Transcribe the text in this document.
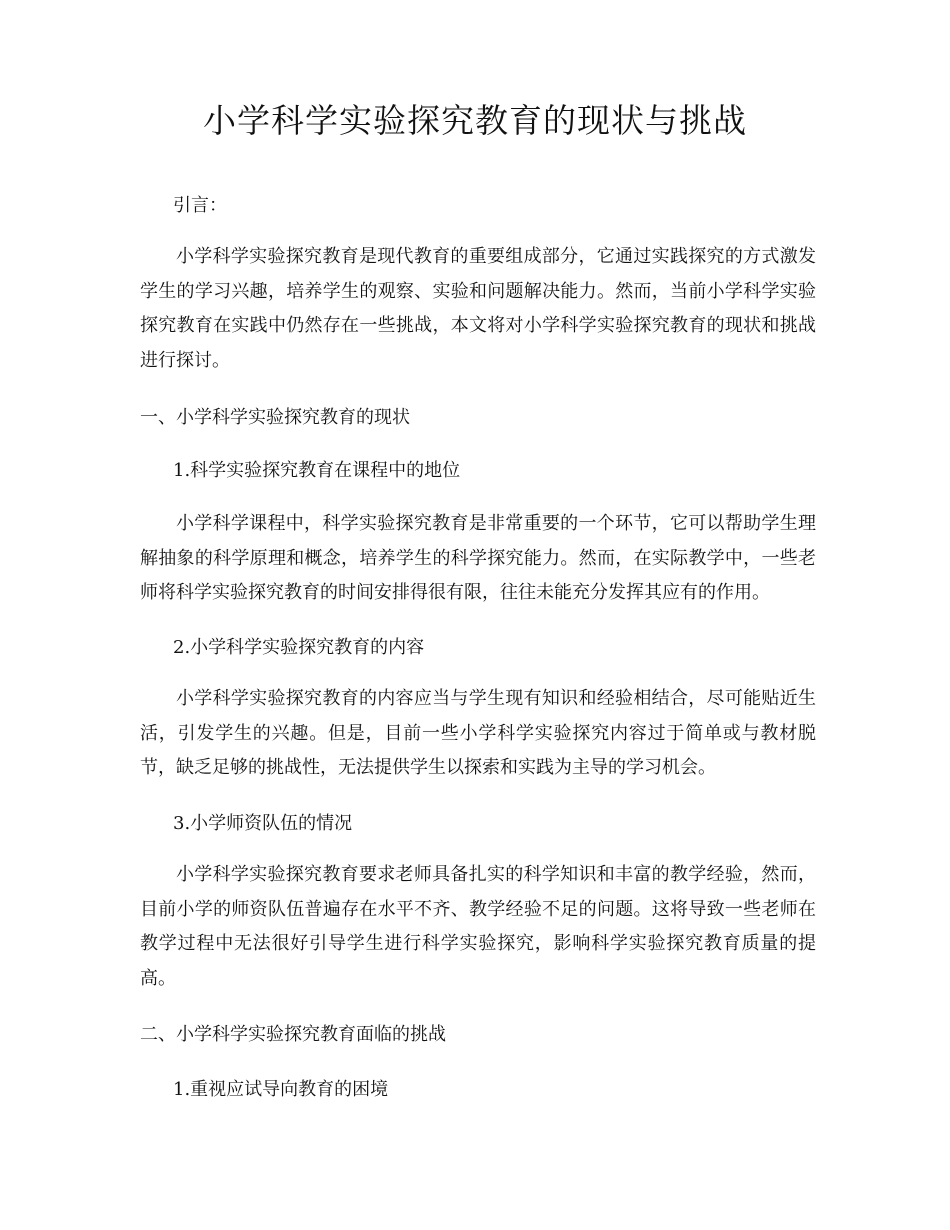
小学科学实验探究教育的现状与挑战

引言：

小学科学实验探究教育是现代教育的重要组成部分，它通过实践探究的方式激发学生的学习兴趣，培养学生的观察、实验和问题解决能力。然而，当前小学科学实验探究教育在实践中仍然存在一些挑战，本文将对小学科学实验探究教育的现状和挑战进行探讨。

一、小学科学实验探究教育的现状
1.科学实验探究教育在课程中的地位

小学科学课程中，科学实验探究教育是非常重要的一个环节，它可以帮助学生理解抽象的科学原理和概念，培养学生的科学探究能力。然而，在实际教学中，一些老师将科学实验探究教育的时间安排得很有限，往往未能充分发挥其应有的作用。

2.小学科学实验探究教育的内容

小学科学实验探究教育的内容应当与学生现有知识和经验相结合，尽可能贴近生活，引发学生的兴趣。但是，目前一些小学科学实验探究内容过于简单或与教材脱节，缺乏足够的挑战性，无法提供学生以探索和实践为主导的学习机会。

3.小学师资队伍的情况

小学科学实验探究教育要求老师具备扎实的科学知识和丰富的教学经验，然而，目前小学的师资队伍普遍存在水平不齐、教学经验不足的问题。这将导致一些老师在教学过程中无法很好引导学生进行科学实验探究，影响科学实验探究教育质量的提高。

二、小学科学实验探究教育面临的挑战
1.重视应试导向教育的困境
